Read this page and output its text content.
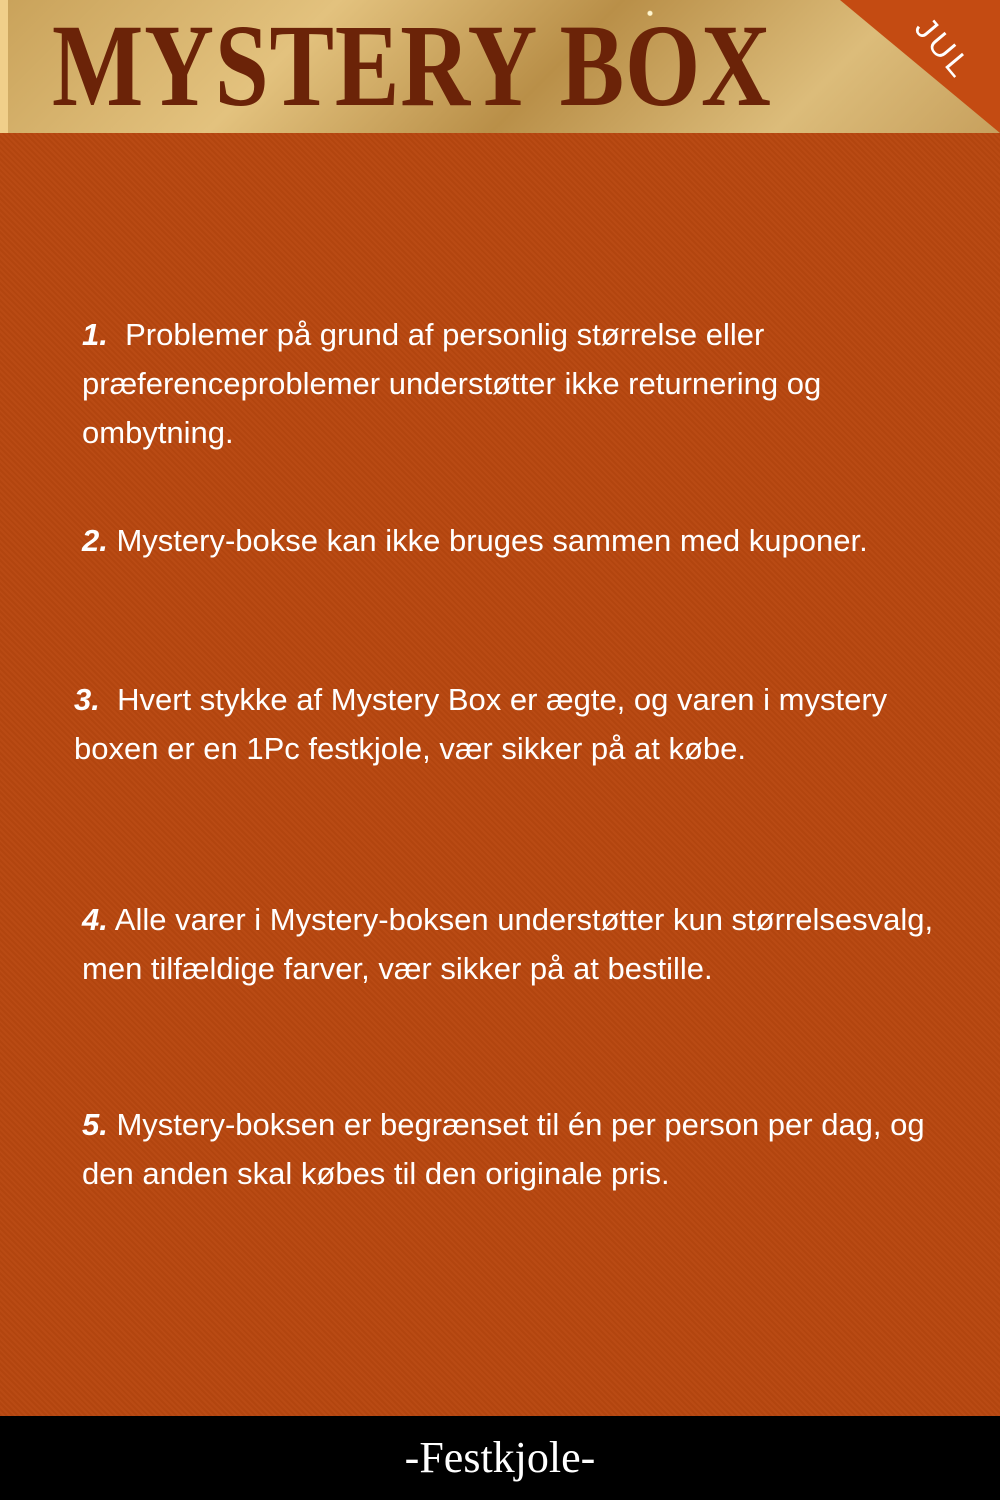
MYSTERY BOX	JUL
1. Problemer på grund af personlig størrelse eller præferenceproblemer understøtter ikke returnering og ombytning.
2. Mystery-bokse kan ikke bruges sammen med kuponer.
3. Hvert stykke af Mystery Box er ægte, og varen i mystery boxen er en 1Pc festkjole, vær sikker på at købe.
4. Alle varer i Mystery-boksen understøtter kun størrelsesvalg, men tilfældige farver, vær sikker på at bestille.
5. Mystery-boksen er begrænset til én per person per dag, og den anden skal købes til den originale pris.
-Festkjole-
